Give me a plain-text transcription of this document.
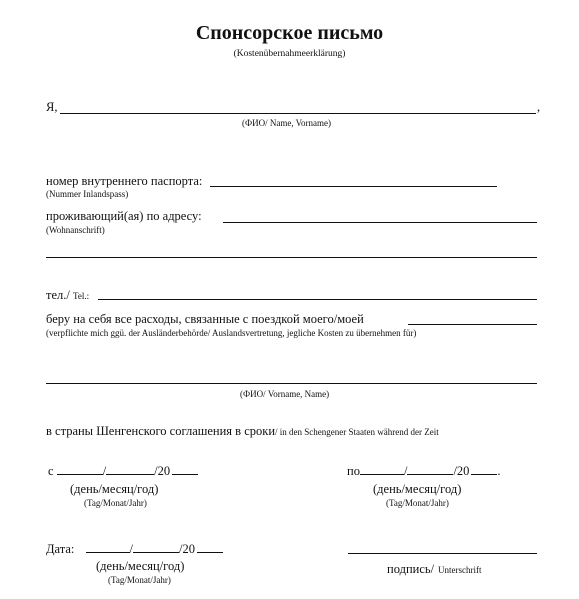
Спонсорское письмо
(Kostenübernahmeerklärung)
Я,	,
(ФИО/ Name, Vorname)
номер внутреннего паспорта:
(Nummer Inlandspass)
проживающий(ая) по адресу:
(Wohnanschrift)
тел./ Tel.:
беру на себя все расходы, связанные с поездкой моего/моей
(verpflichte mich ggü. der Ausländerbehörde/ Auslandsvertretung, jegliche Kosten zu übernehmen für)
(ФИО/ Vorname, Name)
в страны Шенгенского соглашения в сроки/ in den Schengener Staaten während der Zeit
с	/	/20
(день/месяц/год)
(Tag/Monat/Jahr)
по	/	/20 .
(день/месяц/год)
(Tag/Monat/Jahr)
Дата:	/	/20
(день/месяц/год)
(Tag/Monat/Jahr)
подпись/ Unterschrift
